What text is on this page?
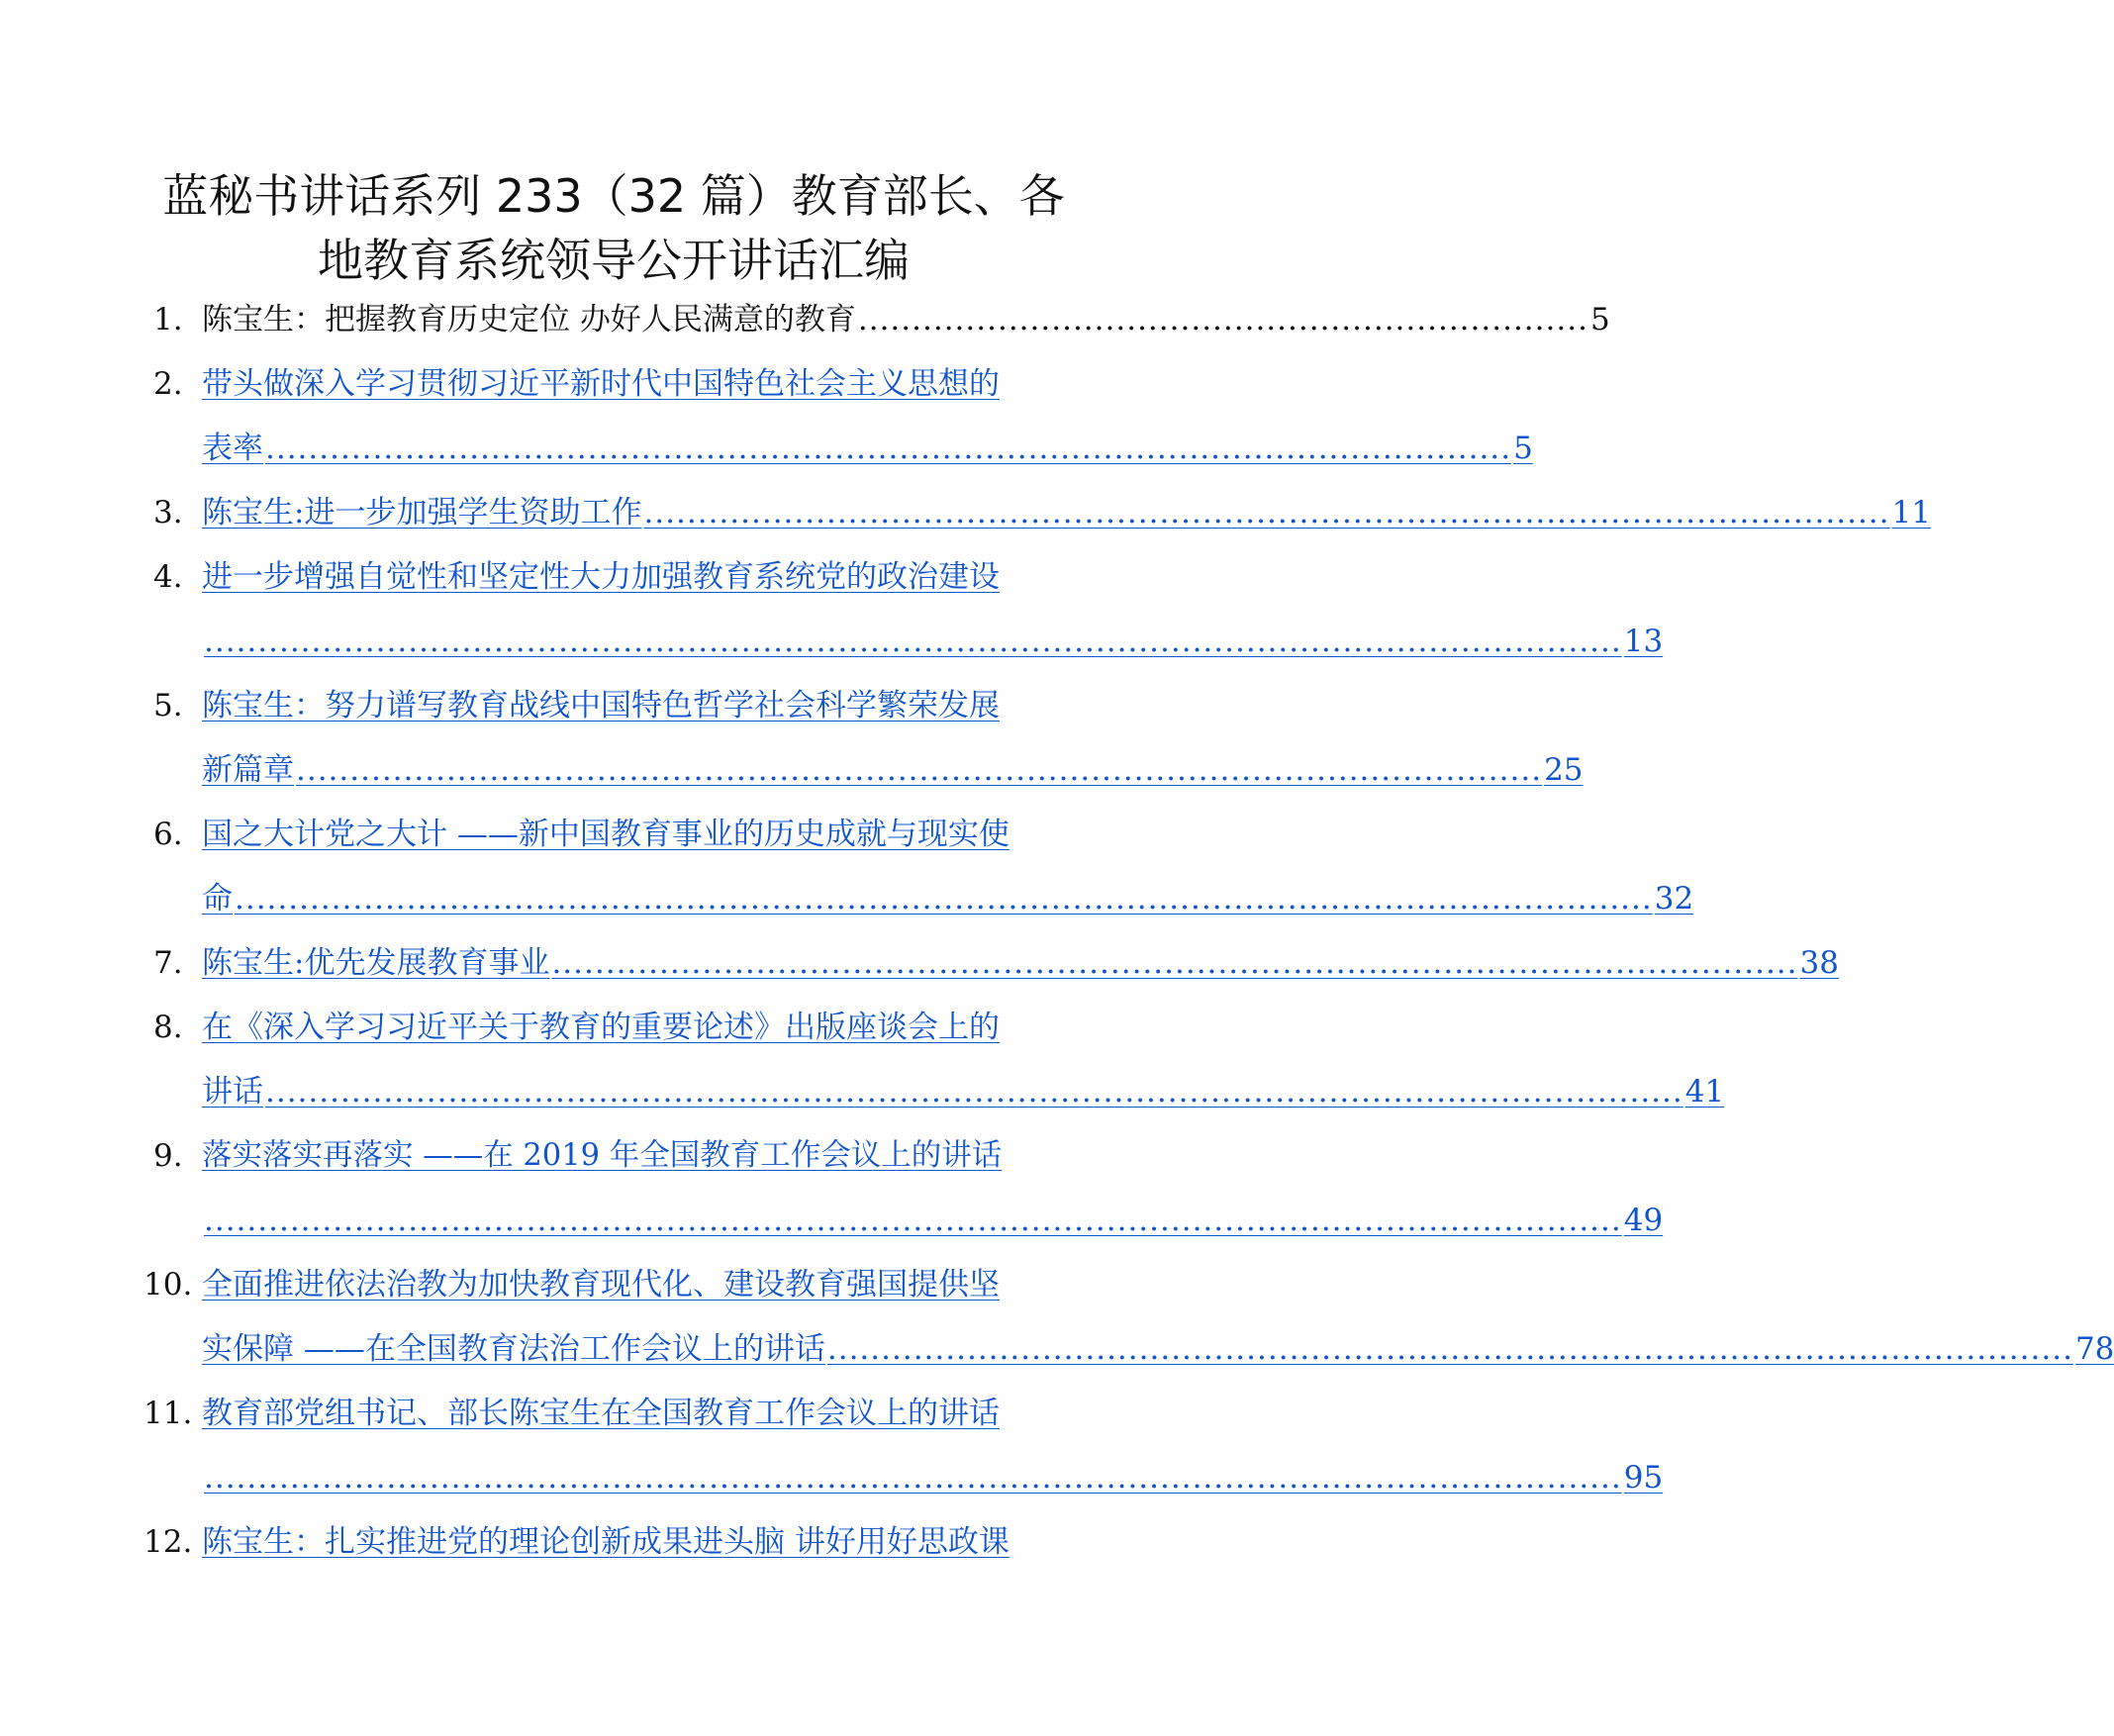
蓝秘书讲话系列 233（32 篇）教育部长、各
地教育系统领导公开讲话汇编
1. 陈宝生：把握教育历史定位 办好人民满意的教育 .................................................................... 5
2. 带头做深入学习贯彻习近平新时代中国特色社会主义思想的
表率 .................................................................................................................... 5
3. 陈宝生:进一步加强学生资助工作 .................................................................................................................... 11
4. 进一步增强自觉性和坚定性大力加强教育系统党的政治建设
.................................................................................................................................... 13
5. 陈宝生：努力谱写教育战线中国特色哲学社会科学繁荣发展
新篇章 .................................................................................................................... 25
6. 国之大计党之大计 ——新中国教育事业的历史成就与现实使
命 .................................................................................................................................... 32
7. 陈宝生:优先发展教育事业 .................................................................................................................... 38
8. 在《深入学习习近平关于教育的重要论述》出版座谈会上的
讲话 .................................................................................................................................... 41
9. 落实落实再落实 ——在 2019 年全国教育工作会议上的讲话
.................................................................................................................................... 49
10. 全面推进依法治教为加快教育现代化、建设教育强国提供坚
实保障 ——在全国教育法治工作会议上的讲话 .................................................................................................................... 78
11. 教育部党组书记、部长陈宝生在全国教育工作会议上的讲话
.................................................................................................................................... 95
12. 陈宝生：扎实推进党的理论创新成果进头脑 讲好用好思政课
